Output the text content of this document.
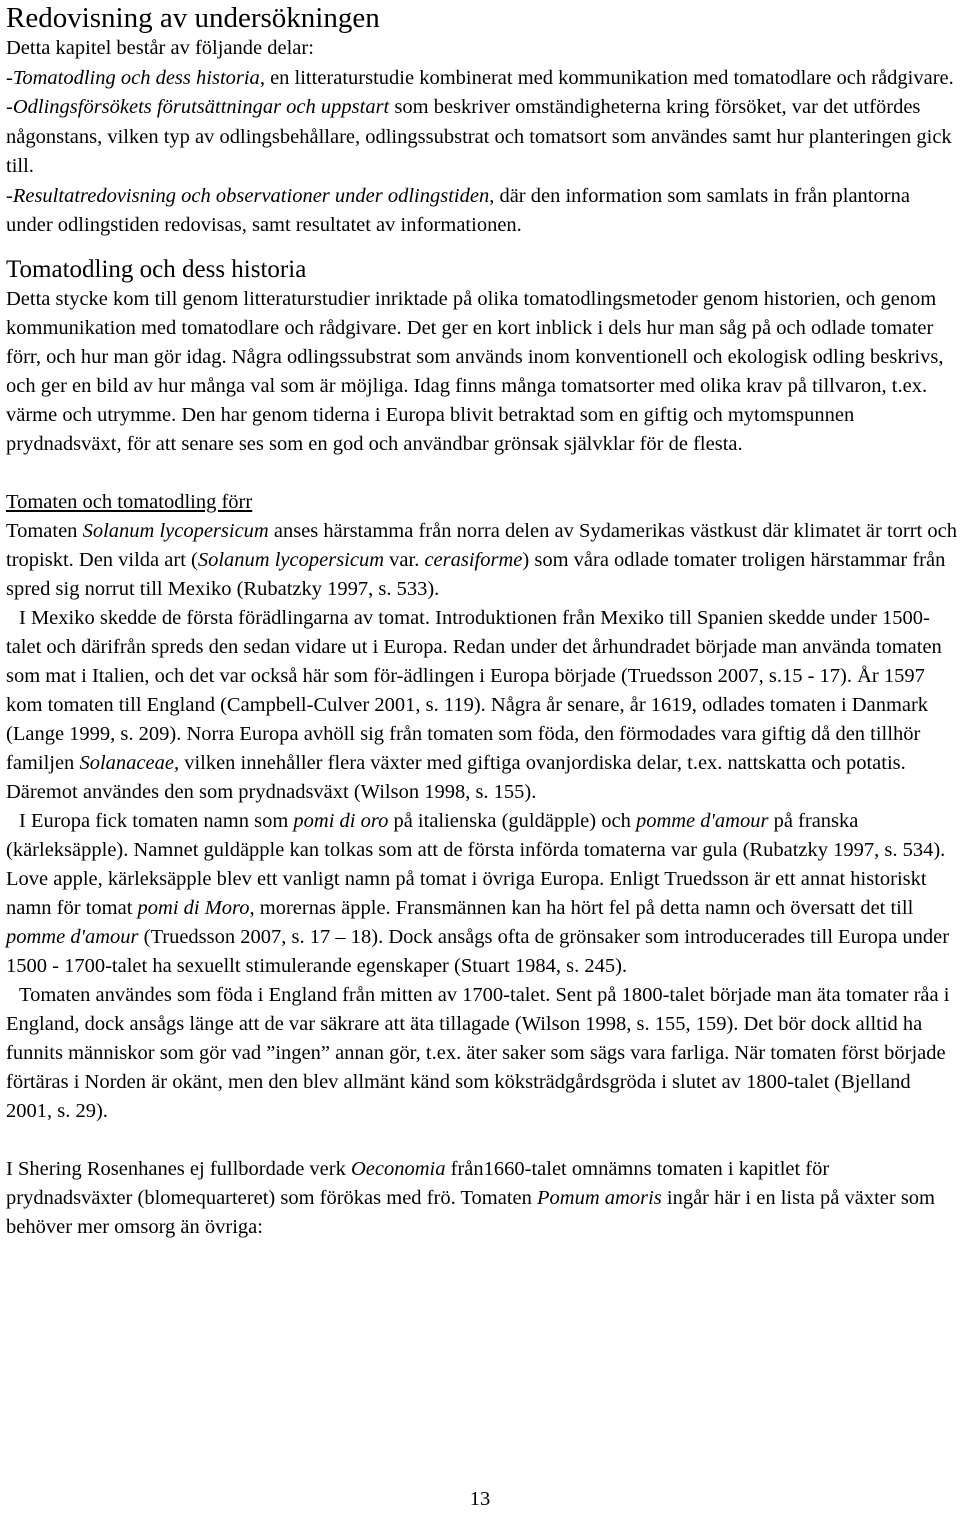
Redovisning av undersökningen

Detta kapitel består av följande delar:

-Tomatodling och dess historia, en litteraturstudie kombinerat med kommunikation med tomatodlare och rådgivare.

-Odlingsförsökets förutsättningar och uppstart som beskriver omständigheterna kring försöket, var det utfördes någonstans, vilken typ av odlingsbehållare, odlingssubstrat och tomatsort som användes samt hur planteringen gick till.

-Resultatredovisning och observationer under odlingstiden, där den information som samlats in från plantorna under odlingstiden redovisas, samt resultatet av informationen.

Tomatodling och dess historia

Detta stycke kom till genom litteraturstudier inriktade på olika tomatodlingsmetoder genom historien, och genom kommunikation med tomatodlare och rådgivare. Det ger en kort inblick i dels hur man såg på och odlade tomater förr, och hur man gör idag. Några odlingssubstrat som används inom konventionell och ekologisk odling beskrivs, och ger en bild av hur många val som är möjliga. Idag finns många tomatsorter med olika krav på tillvaron, t.ex. värme och utrymme. Den har genom tiderna i Europa blivit betraktad som en giftig och mytomspunnen prydnadsväxt, för att senare ses som en god och användbar grönsak självklar för de flesta.

Tomaten och tomatodling förr

Tomaten Solanum lycopersicum anses härstamma från norra delen av Sydamerikas västkust där klimatet är torrt och tropiskt. Den vilda art (Solanum lycopersicum var. cerasiforme) som våra odlade tomater troligen härstammar från spred sig norrut till Mexiko (Rubatzky 1997, s. 533).

I Mexiko skedde de första förädlingarna av tomat. Introduktionen från Mexiko till Spanien skedde under 1500-talet och därifrån spreds den sedan vidare ut i Europa. Redan under det århundradet började man använda tomaten som mat i Italien, och det var också här som för-ädlingen i Europa började (Truedsson 2007, s.15 - 17). År 1597 kom tomaten till England (Campbell-Culver 2001, s. 119). Några år senare, år 1619, odlades tomaten i Danmark (Lange 1999, s. 209). Norra Europa avhöll sig från tomaten som föda, den förmodades vara giftig då den tillhör familjen Solanaceae, vilken innehåller flera växter med giftiga ovanjordiska delar, t.ex. nattskatta och potatis. Däremot användes den som prydnadsväxt (Wilson 1998, s. 155).

I Europa fick tomaten namn som pomi di oro på italienska (guldäpple) och pomme d'amour på franska (kärleksäpple). Namnet guldäpple kan tolkas som att de första införda tomaterna var gula (Rubatzky 1997, s. 534). Love apple, kärleksäpple blev ett vanligt namn på tomat i övriga Europa. Enligt Truedsson är ett annat historiskt namn för tomat pomi di Moro, morernas äpple. Fransmännen kan ha hört fel på detta namn och översatt det till pomme d'amour (Truedsson 2007, s. 17 – 18). Dock ansågs ofta de grönsaker som introducerades till Europa under 1500 - 1700-talet ha sexuellt stimulerande egenskaper (Stuart 1984, s. 245).

Tomaten användes som föda i England från mitten av 1700-talet. Sent på 1800-talet började man äta tomater råa i England, dock ansågs länge att de var säkrare att äta tillagade (Wilson 1998, s. 155, 159). Det bör dock alltid ha funnits människor som gör vad ”ingen” annan gör, t.ex. äter saker som sägs vara farliga. När tomaten först började förtäras i Norden är okänt, men den blev allmänt känd som köksträdgårdsgröda i slutet av 1800-talet (Bjelland 2001, s. 29).

I Shering Rosenhanes ej fullbordade verk Oeconomia från1660-talet omnämns tomaten i kapitlet för prydnadsväxter (blomequarteret) som förökas med frö. Tomaten Pomum amoris ingår här i en lista på växter som behöver mer omsorg än övriga:

13
